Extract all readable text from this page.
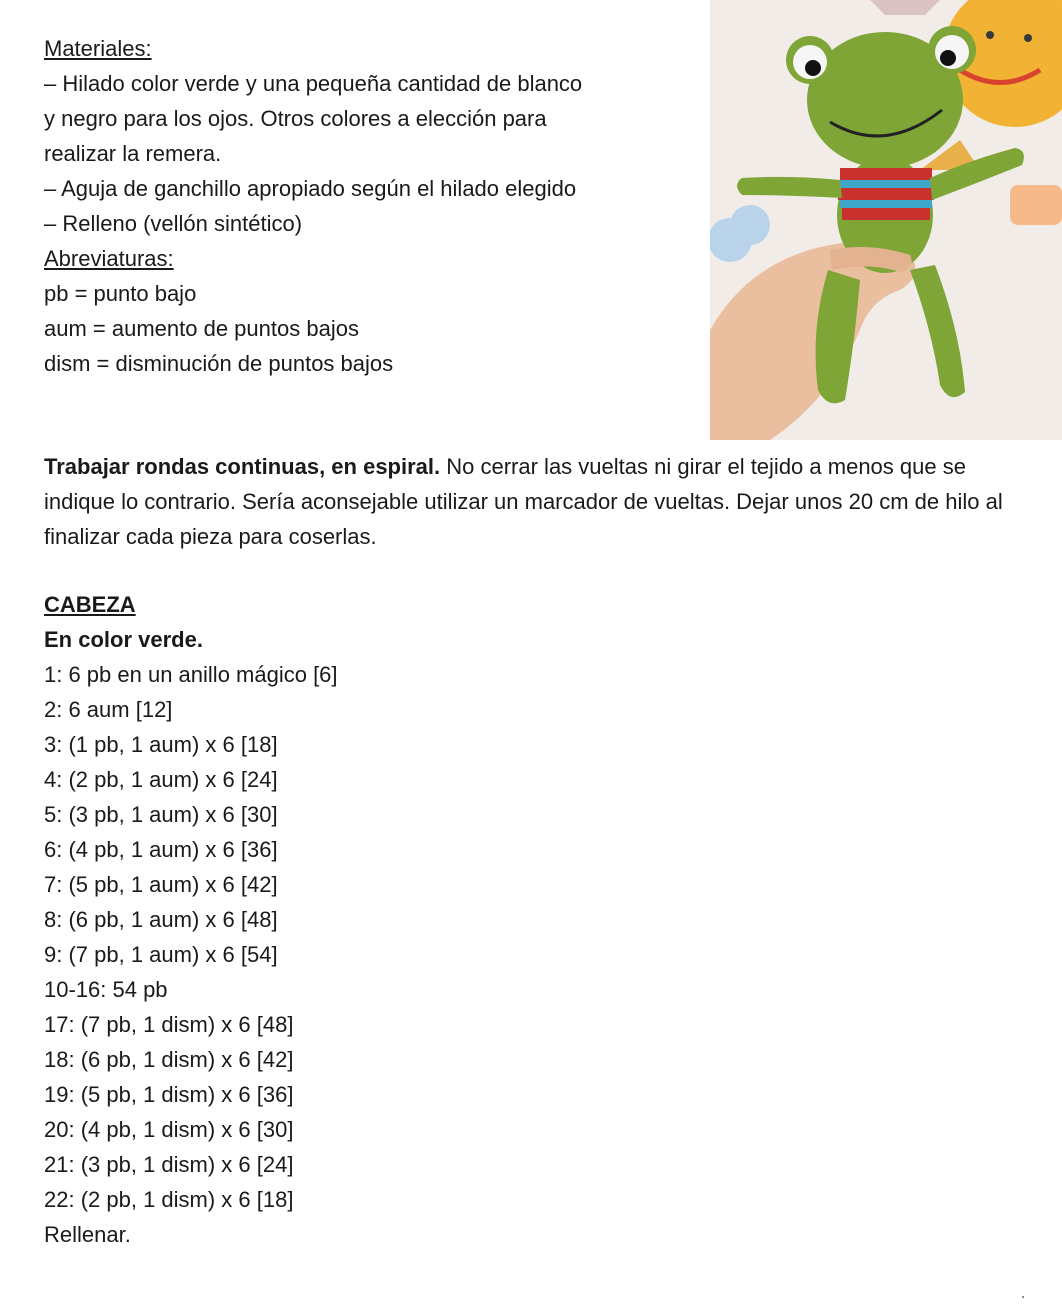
Materiales:
– Hilado color verde y una pequeña cantidad de blanco
y negro para los ojos. Otros colores a elección para
realizar la remera.
– Aguja de ganchillo apropiado según el hilado elegido
– Relleno (vellón sintético)
Abreviaturas:
pb = punto bajo
aum = aumento de puntos bajos
dism = disminución de puntos bajos
Trabajar rondas continuas, en espiral. No cerrar las vueltas ni girar el tejido a menos que se indique lo contrario. Sería aconsejable utilizar un marcador de vueltas. Dejar unos 20 cm de hilo al finalizar cada pieza para coserlas.
CABEZA
En color verde.
1: 6 pb en un anillo mágico [6]
2: 6 aum [12]
3: (1 pb, 1 aum) x 6 [18]
4: (2 pb, 1 aum) x 6 [24]
5: (3 pb, 1 aum) x 6 [30]
6: (4 pb, 1 aum) x 6 [36]
7: (5 pb, 1 aum) x 6 [42]
8: (6 pb, 1 aum) x 6 [48]
9: (7 pb, 1 aum) x 6 [54]
10-16: 54 pb
17: (7 pb, 1 dism) x 6 [48]
18: (6 pb, 1 dism) x 6 [42]
19: (5 pb, 1 dism) x 6 [36]
20: (4 pb, 1 dism) x 6 [30]
21: (3 pb, 1 dism) x 6 [24]
22: (2 pb, 1 dism) x 6 [18]
Rellenar.
